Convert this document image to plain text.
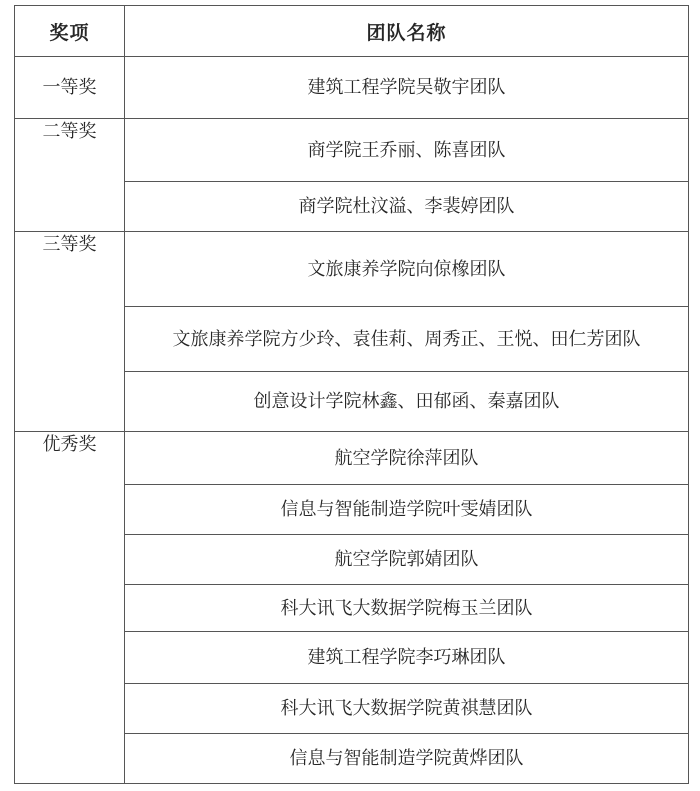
奖项	团队名称
一等奖	建筑工程学院吴敬宇团队
二等奖	商学院王乔丽、陈喜团队
	商学院杜汶溢、李裴婷团队
三等奖	文旅康养学院向倞橡团队
	文旅康养学院方少玲、袁佳莉、周秀正、王悦、田仁芳团队
	创意设计学院林鑫、田郁函、秦嘉团队
优秀奖	航空学院徐萍团队
	信息与智能制造学院叶雯婧团队
	航空学院郭婧团队
	科大讯飞大数据学院梅玉兰团队
	建筑工程学院李巧琳团队
	科大讯飞大数据学院黄祺慧团队
	信息与智能制造学院黄烨团队
